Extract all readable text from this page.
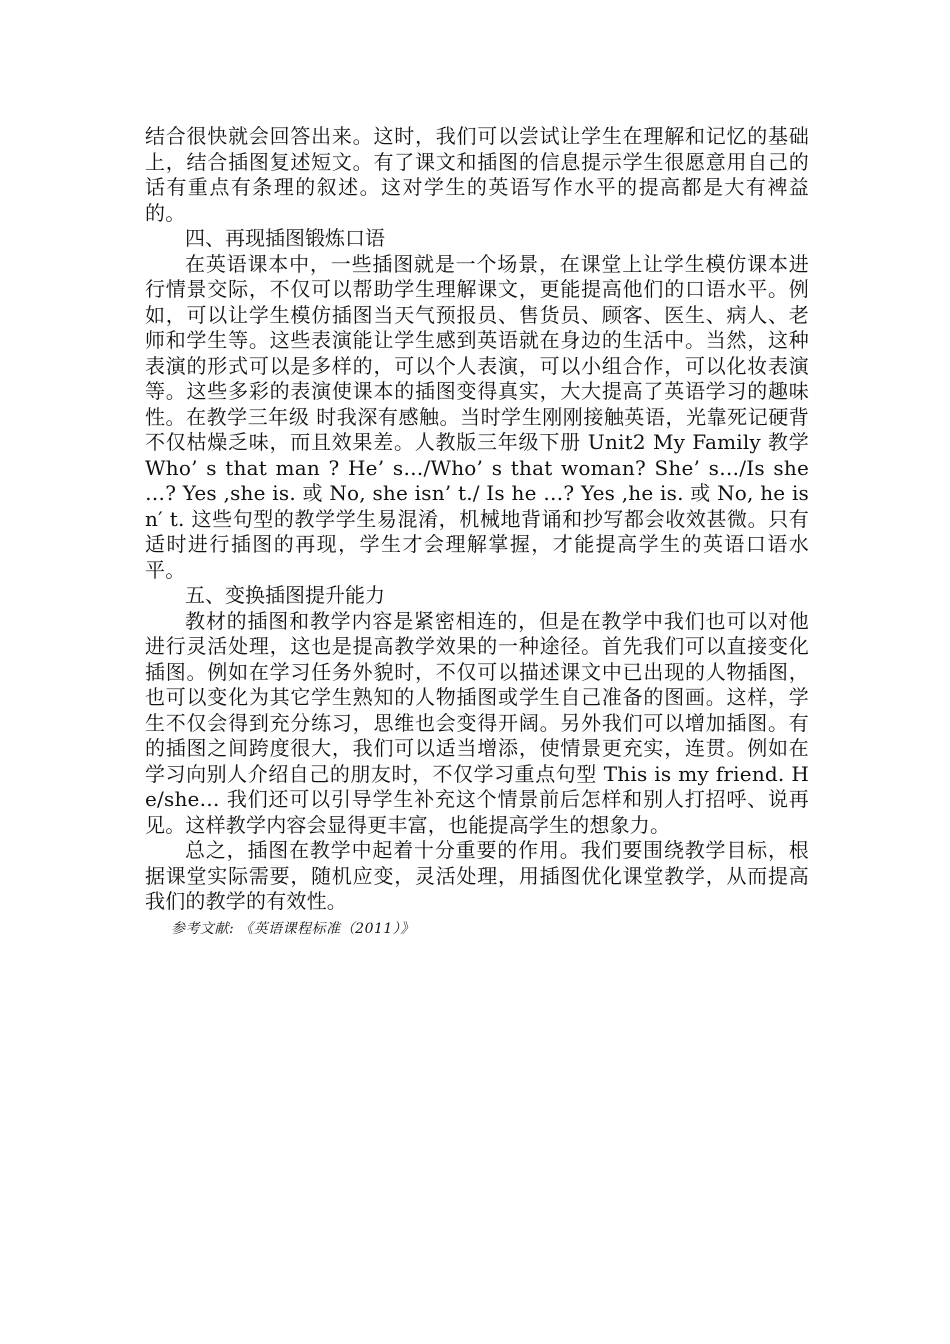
结合很快就会回答出来。这时，我们可以尝试让学生在理解和记忆的基础上，结合插图复述短文。有了课文和插图的信息提示学生很愿意用自己的话有重点有条理的叙述。这对学生的英语写作水平的提高都是大有裨益的。

四、再现插图锻炼口语

在英语课本中，一些插图就是一个场景，在课堂上让学生模仿课本进行情景交际，不仅可以帮助学生理解课文，更能提高他们的口语水平。例如，可以让学生模仿插图当天气预报员、售货员、顾客、医生、病人、老师和学生等。这些表演能让学生感到英语就在身边的生活中。当然，这种表演的形式可以是多样的，可以个人表演，可以小组合作，可以化妆表演等。这些多彩的表演使课本的插图变得真实，大大提高了英语学习的趣味性。在教学三年级 时我深有感触。当时学生刚刚接触英语，光靠死记硬背不仅枯燥乏味，而且效果差。人教版三年级下册 Unit2 My Family 教学 Who’ s that man ? He’ s…/Who’ s that woman? She’ s…/Is she …? Yes ,she is. 或 No, she isn’ t./ Is he …? Yes ,he is. 或 No, he isn′ t. 这些句型的教学学生易混淆，机械地背诵和抄写都会收效甚微。只有适时进行插图的再现，学生才会理解掌握，才能提高学生的英语口语水平。

五、变换插图提升能力

教材的插图和教学内容是紧密相连的，但是在教学中我们也可以对他进行灵活处理，这也是提高教学效果的一种途径。首先我们可以直接变化插图。例如在学习任务外貌时，不仅可以描述课文中已出现的人物插图，也可以变化为其它学生熟知的人物插图或学生自己准备的图画。这样，学生不仅会得到充分练习，思维也会变得开阔。另外我们可以增加插图。有的插图之间跨度很大，我们可以适当增添，使情景更充实，连贯。例如在学习向别人介绍自己的朋友时，不仅学习重点句型 This is my friend. He/she… 我们还可以引导学生补充这个情景前后怎样和别人打招呼、说再见。这样教学内容会显得更丰富，也能提高学生的想象力。

总之，插图在教学中起着十分重要的作用。我们要围绕教学目标，根据课堂实际需要，随机应变，灵活处理，用插图优化课堂教学，从而提高我们的教学的有效性。

参考文献: 《英语课程标准（2011）》
